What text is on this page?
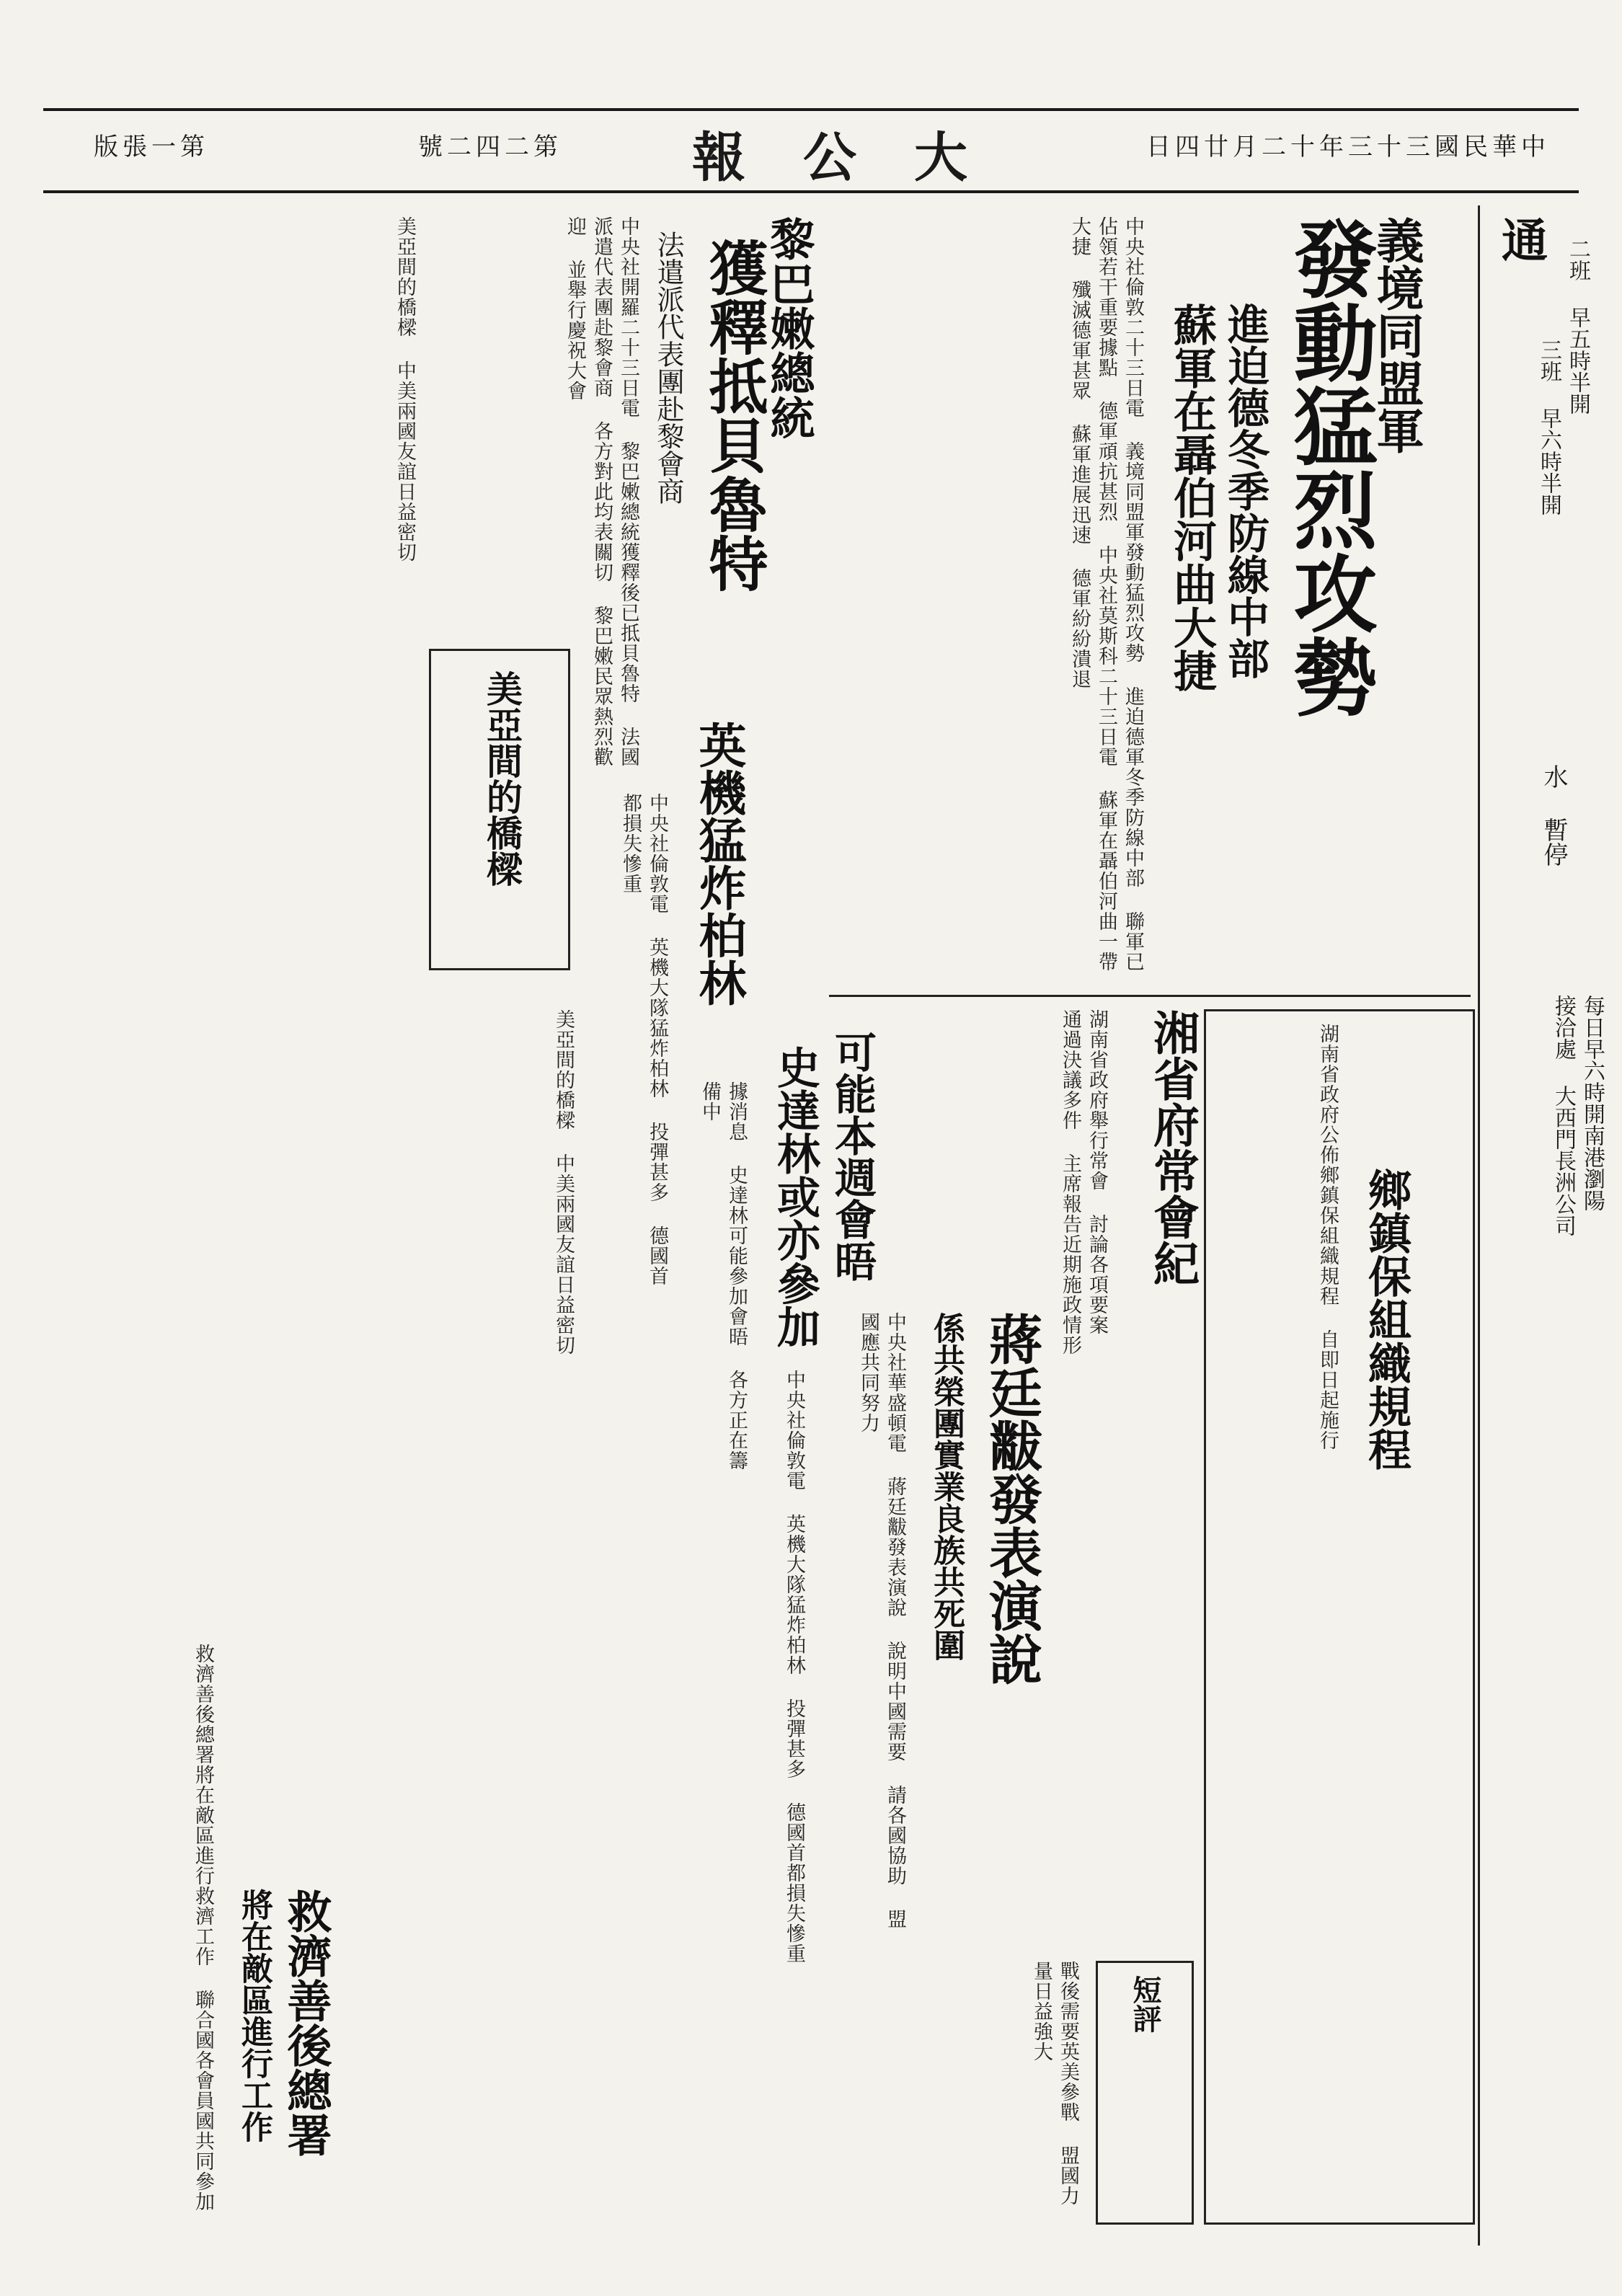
版張一第	號二四二第 報公大	日四廿月二十年三十三國民華中
通 二班 早五時半開
三班 早六時半開
水 暫停
接洽處 大西門長洲公司 每日早六時開南港瀏陽
義境同盟軍
發動猛烈攻勢
進迫德冬季防線中部
蘇軍在聶伯河曲大捷
中央社倫敦二十三日電 義境同盟軍發動猛烈攻勢 進迫德軍冬季防線中部 聯軍已佔領若干重要據點 德軍頑抗甚烈 中央社莫斯科二十三日電 蘇軍在聶伯河曲一帶大捷 殲滅德軍甚眾 蘇軍進展迅速 德軍紛紛潰退
黎巴嫩總統
獲釋抵貝魯特
法遣派代表團赴黎會商
中央社開羅二十三日電 黎巴嫩總統獲釋後已抵貝魯特 法國派遣代表團赴黎會商 各方對此均表關切 黎巴嫩民眾熱烈歡迎 並舉行慶祝大會
美亞間的橋樑 中美兩國友誼日益密切
美亞間的橋樑
湘省府常會紀
湖南省政府舉行常會 討論各項要案 通過決議多件 主席報告近期施政情形	鄉鎮保組織規程
湖南省政府公佈鄉鎮保組織規程 自即日起施行
英機猛炸柏林
中央社倫敦電 英機大隊猛炸柏林 投彈甚多 德國首都損失慘重
史達林或亦參加 可能本週會晤
據消息 史達林可能參加會晤 各方正在籌備中
美亞間的橋樑 中美兩國友誼日益密切
蔣廷黻發表演說
係共榮團實業良族共死圍
中央社華盛頓電 蔣廷黻發表演說 說明中國需要 請各國協助 盟國應共同努力
短評
戰後需要英美參戰 盟國力量日益強大
中央社倫敦電 英機大隊猛炸柏林 投彈甚多 德國首都損失慘重
救濟善後總署
將在敵區進行工作
救濟善後總署將在敵區進行救濟工作 聯合國各會員國共同參加
